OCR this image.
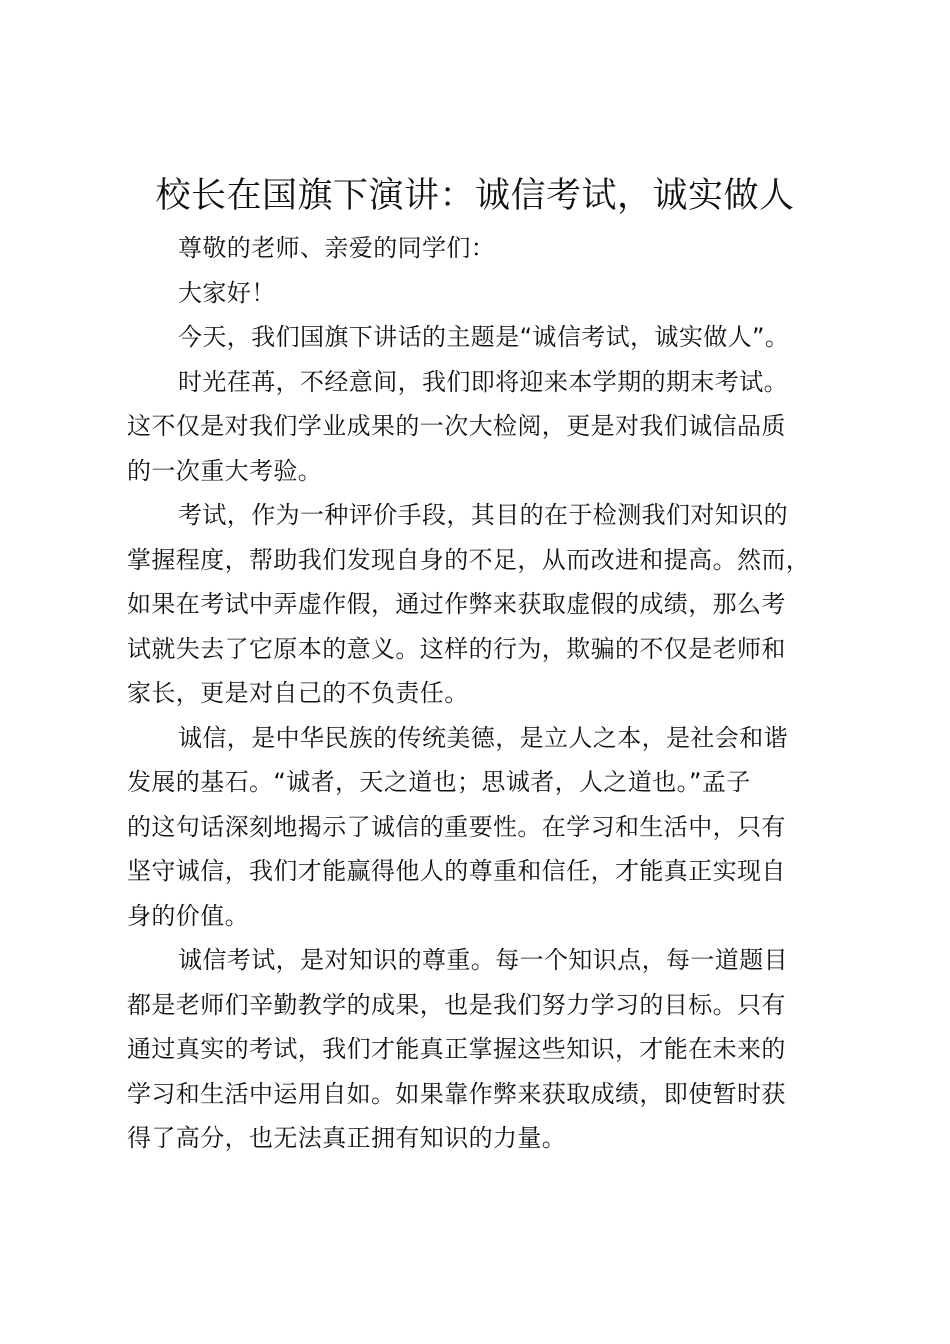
校长在国旗下演讲：诚信考试，诚实做人
尊敬的老师、亲爱的同学们：
大家好！
今天，我们国旗下讲话的主题是“诚信考试，诚实做人”。
时光荏苒，不经意间，我们即将迎来本学期的期末考试。
这不仅是对我们学业成果的一次大检阅，更是对我们诚信品质
的一次重大考验。
考试，作为一种评价手段，其目的在于检测我们对知识的
掌握程度，帮助我们发现自身的不足，从而改进和提高。然而，
如果在考试中弄虚作假，通过作弊来获取虚假的成绩，那么考
试就失去了它原本的意义。这样的行为，欺骗的不仅是老师和
家长，更是对自己的不负责任。
诚信，是中华民族的传统美德，是立人之本，是社会和谐
发展的基石。“诚者，天之道也；思诚者，人之道也。”孟子
的这句话深刻地揭示了诚信的重要性。在学习和生活中，只有
坚守诚信，我们才能赢得他人的尊重和信任，才能真正实现自
身的价值。
诚信考试，是对知识的尊重。每一个知识点，每一道题目
都是老师们辛勤教学的成果，也是我们努力学习的目标。只有
通过真实的考试，我们才能真正掌握这些知识，才能在未来的
学习和生活中运用自如。如果靠作弊来获取成绩，即使暂时获
得了高分，也无法真正拥有知识的力量。
